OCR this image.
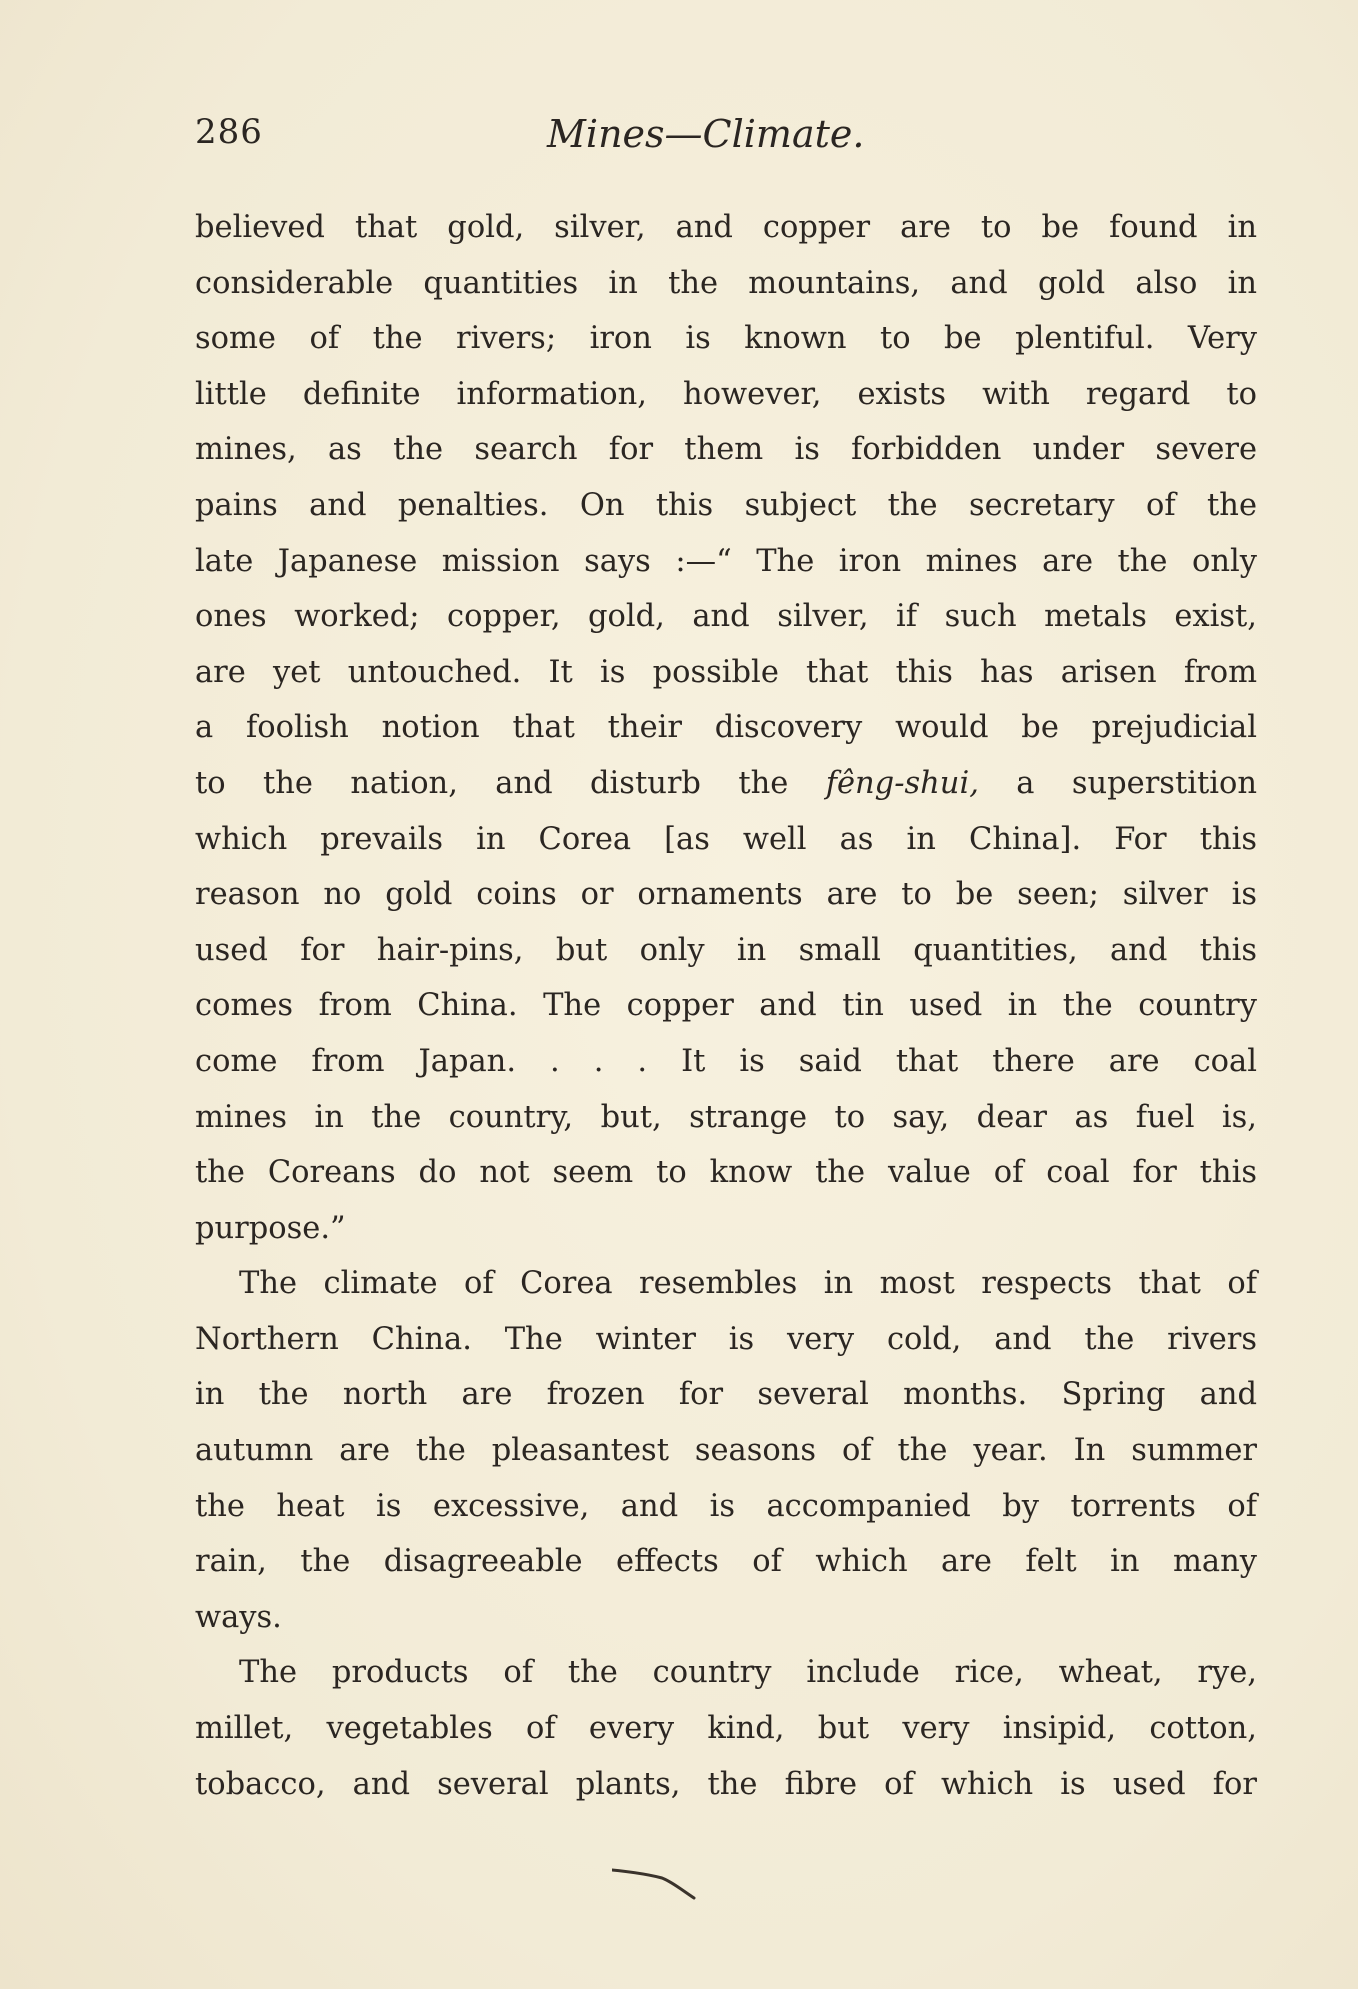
286	Mines—Climate.
believed that gold, silver, and copper are to be found in
considerable quantities in the mountains, and gold also in
some of the rivers; iron is known to be plentiful. Very
little definite information, however, exists with regard to
mines, as the search for them is forbidden under severe
pains and penalties. On this subject the secretary of the
late Japanese mission says :—“ The iron mines are the only
ones worked; copper, gold, and silver, if such metals exist,
are yet untouched. It is possible that this has arisen from
a foolish notion that their discovery would be prejudicial
to the nation, and disturb the fêng-shui, a superstition
which prevails in Corea [as well as in China]. For this
reason no gold coins or ornaments are to be seen; silver is
used for hair-pins, but only in small quantities, and this
comes from China. The copper and tin used in the country
come from Japan. . . . It is said that there are coal
mines in the country, but, strange to say, dear as fuel is,
the Coreans do not seem to know the value of coal for this
purpose.”
The climate of Corea resembles in most respects that of
Northern China. The winter is very cold, and the rivers
in the north are frozen for several months. Spring and
autumn are the pleasantest seasons of the year. In summer
the heat is excessive, and is accompanied by torrents of
rain, the disagreeable effects of which are felt in many
ways.
The products of the country include rice, wheat, rye,
millet, vegetables of every kind, but very insipid, cotton,
tobacco, and several plants, the fibre of which is used for
